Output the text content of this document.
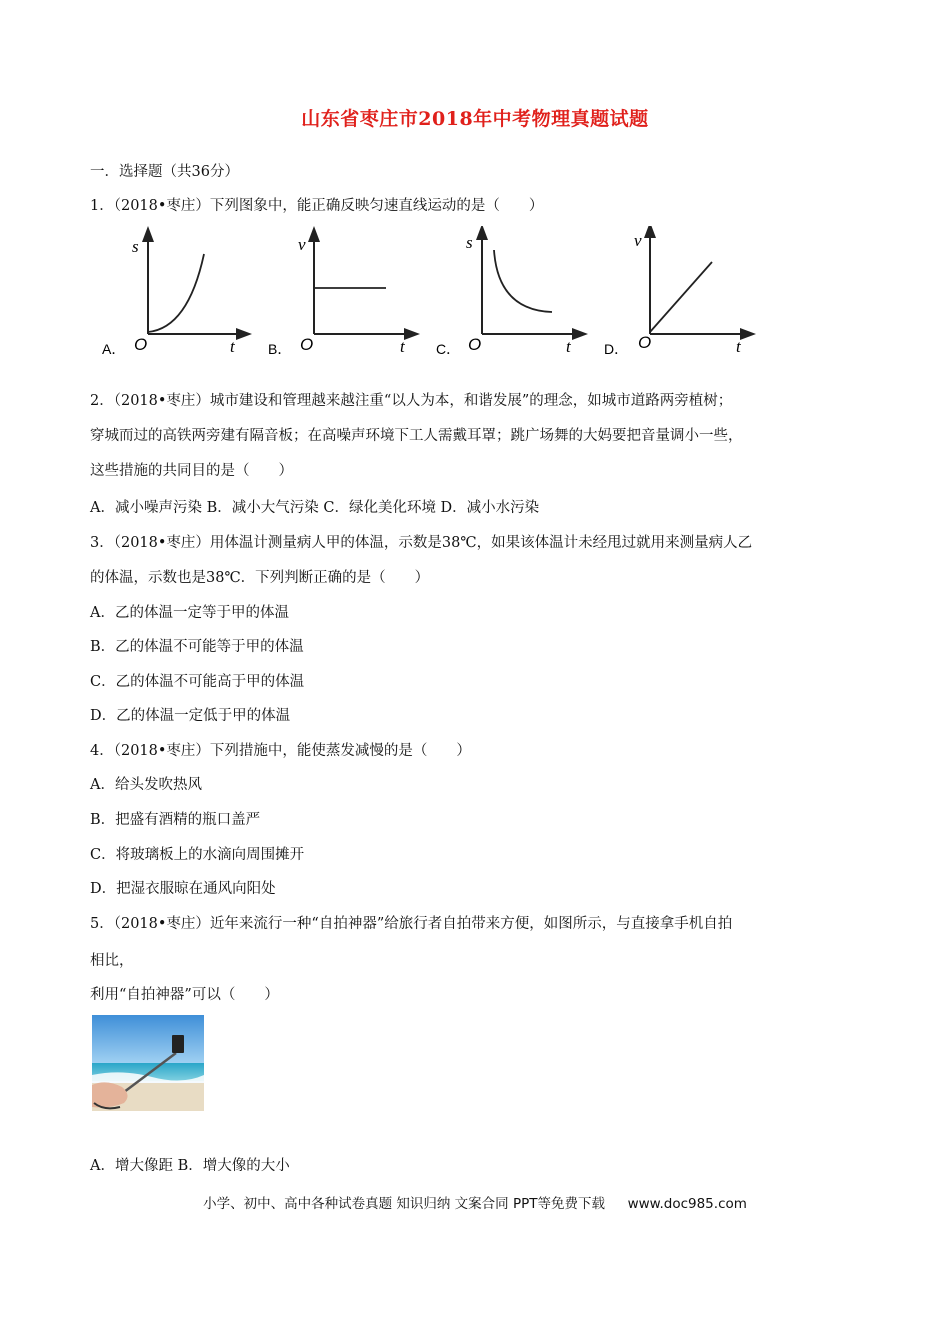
山东省枣庄市2018年中考物理真题试题
一．选择题（共36分）
1．（2018•枣庄）下列图象中，能正确反映匀速直线运动的是（　　）
s
O	t
A．
v
O	t
B．
s
O	t
C．
v
O	t
D．
2．（2018•枣庄）城市建设和管理越来越注重“以人为本，和谐发展”的理念，如城市道路两旁植树；
穿城而过的高铁两旁建有隔音板；在高噪声环境下工人需戴耳罩；跳广场舞的大妈要把音量调小一些，
这些措施的共同目的是（　　）
A．减小噪声污染 B．减小大气污染 C．绿化美化环境 D．减小水污染
3．（2018•枣庄）用体温计测量病人甲的体温，示数是38℃，如果该体温计未经甩过就用来测量病人乙
的体温，示数也是38℃．下列判断正确的是（　　）
A．乙的体温一定等于甲的体温
B．乙的体温不可能等于甲的体温
C．乙的体温不可能高于甲的体温
D．乙的体温一定低于甲的体温
4．（2018•枣庄）下列措施中，能使蒸发减慢的是（　　）
A．给头发吹热风
B．把盛有酒精的瓶口盖严
C．将玻璃板上的水滴向周围摊开
D．把湿衣服晾在通风向阳处
5．（2018•枣庄）近年来流行一种“自拍神器”给旅行者自拍带来方便，如图所示，与直接拿手机自拍
相比，
利用“自拍神器”可以（　　）
A．增大像距 B．增大像的大小
小学、初中、高中各种试卷真题 知识归纳 文案合同 PPT等免费下载 www.doc985.com
